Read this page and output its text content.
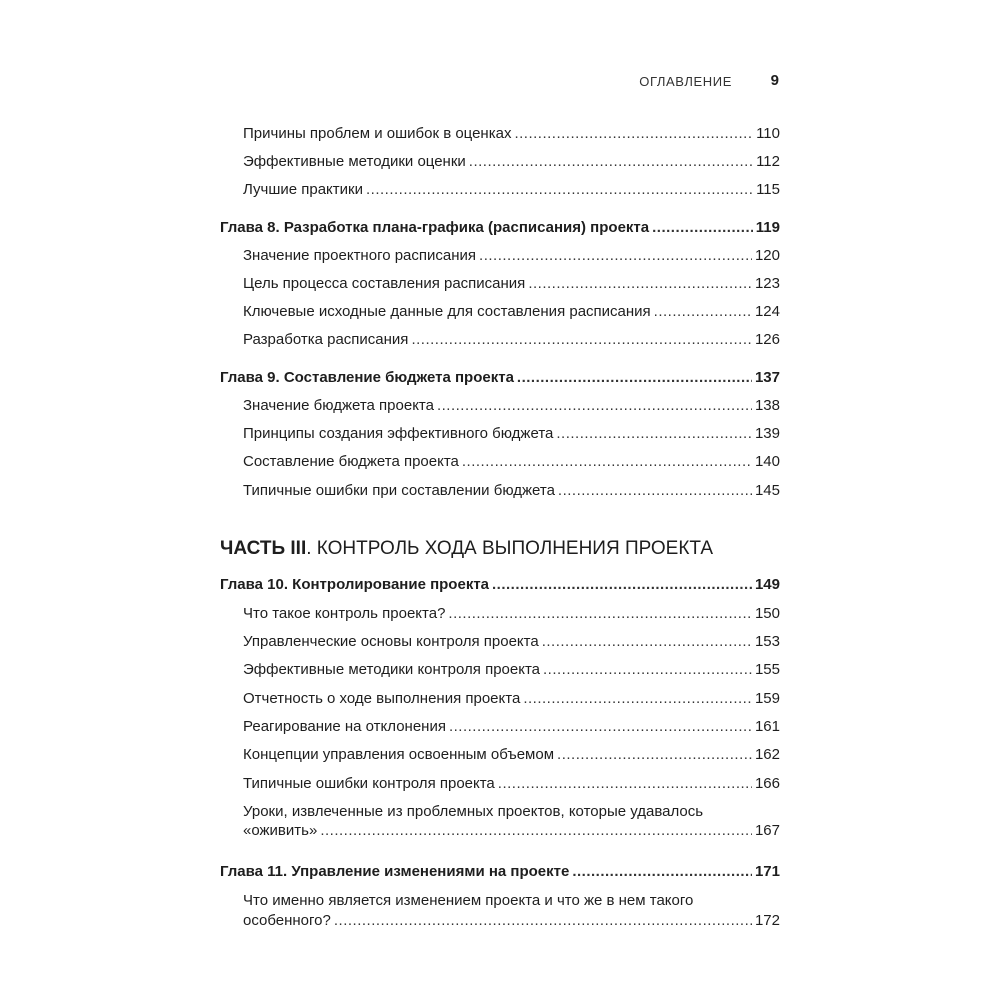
ОГЛАВЛЕНИЕ	9
Причины проблем и ошибок в оценках .....	110
Эффективные методики оценки .....	112
Лучшие практики .....	115
Глава 8. Разработка плана-графика (расписания) проекта .....	119
Значение проектного расписания .....	120
Цель процесса составления расписания .....	123
Ключевые исходные данные для составления расписания .....	124
Разработка расписания .....	126
Глава 9. Составление бюджета проекта .....	137
Значение бюджета проекта .....	138
Принципы создания эффективного бюджета .....	139
Составление бюджета проекта .....	140
Типичные ошибки при составлении бюджета .....	145
ЧАСТЬ III. КОНТРОЛЬ ХОДА ВЫПОЛНЕНИЯ ПРОЕКТА
Глава 10. Контролирование проекта .....	149
Что такое контроль проекта? .....	150
Управленческие основы контроля проекта .....	153
Эффективные методики контроля проекта .....	155
Отчетность о ходе выполнения проекта .....	159
Реагирование на отклонения .....	161
Концепции управления освоенным объемом .....	162
Типичные ошибки контроля проекта .....	166
Уроки, извлеченные из проблемных проектов, которые удавалось
«оживить» .....	167
Глава 11. Управление изменениями на проекте .....	171
Что именно является изменением проекта и что же в нем такого
особенного? .....	172
